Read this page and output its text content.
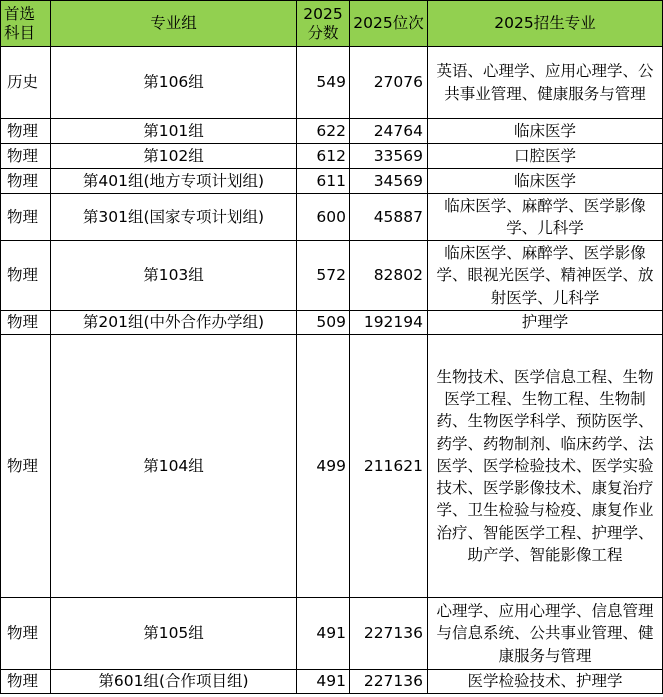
首选科目	专业组	2025分数	2025位次	2025招生专业
历史	第106组	549	27076	英语、心理学、应用心理学、公共事业管理、健康服务与管理
物理	第101组	622	24764	临床医学
物理	第102组	612	33569	口腔医学
物理	第401组(地方专项计划组)	611	34569	临床医学
物理	第301组(国家专项计划组)	600	45887	临床医学、麻醉学、医学影像学、儿科学
物理	第103组	572	82802	临床医学、麻醉学、医学影像学、眼视光医学、精神医学、放射医学、儿科学
物理	第201组(中外合作办学组)	509	192194	护理学
物理	第104组	499	211621	生物技术、医学信息工程、生物医学工程、生物工程、生物制药、生物医学科学、预防医学、药学、药物制剂、临床药学、法医学、医学检验技术、医学实验技术、医学影像技术、康复治疗学、卫生检验与检疫、康复作业治疗、智能医学工程、护理学、助产学、智能影像工程
物理	第105组	491	227136	心理学、应用心理学、信息管理与信息系统、公共事业管理、健康服务与管理
物理	第601组(合作项目组)	491	227136	医学检验技术、护理学
